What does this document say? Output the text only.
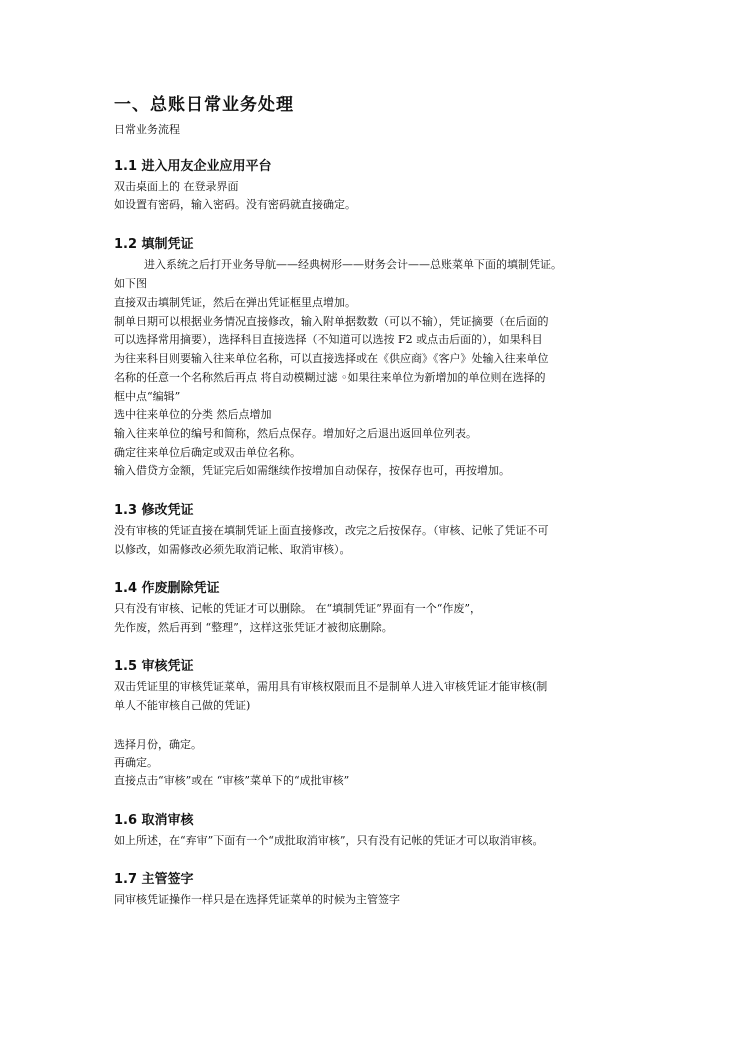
一、总账日常业务处理

日常业务流程

1.1 进入用友企业应用平台

双击桌面上的 在登录界面

如设置有密码，输入密码。没有密码就直接确定。

1.2 填制凭证

进入系统之后打开业务导航——经典树形——财务会计——总账菜单下面的填制凭证。

如下图

直接双击填制凭证，然后在弹出凭证框里点增加。

制单日期可以根据业务情况直接修改，输入附单据数数（可以不输），凭证摘要（在后面的

可以选择常用摘要），选择科目直接选择（不知道可以选按 F2 或点击后面的），如果科目

为往来科目则要输入往来单位名称，可以直接选择或在《供应商》《客户》处输入往来单位

名称的任意一个名称然后再点 将自动模糊过滤 ◦如果往来单位为新增加的单位则在选择的

框中点“编辑”

选中往来单位的分类 然后点增加

输入往来单位的编号和简称，然后点保存。增加好之后退出返回单位列表。

确定往来单位后确定或双击单位名称。

输入借贷方金额，凭证完后如需继续作按增加自动保存，按保存也可，再按增加。

1.3 修改凭证

没有审核的凭证直接在填制凭证上面直接修改，改完之后按保存。（审核、记帐了凭证不可

以修改，如需修改必须先取消记帐、取消审核）。

1.4 作废删除凭证

只有没有审核、记帐的凭证才可以删除。 在“填制凭证”界面有一个“作废”，

先作废，然后再到 “整理”，这样这张凭证才被彻底删除。

1.5 审核凭证

双击凭证里的审核凭证菜单，需用具有审核权限而且不是制单人进入审核凭证才能审核(制

单人不能审核自己做的凭证)

选择月份，确定。

再确定。

直接点击“审核”或在 “审核”菜单下的“成批审核”

1.6 取消审核

如上所述，在“弃审”下面有一个“成批取消审核”，只有没有记帐的凭证才可以取消审核。

1.7 主管签字

同审核凭证操作一样只是在选择凭证菜单的时候为主管签字
